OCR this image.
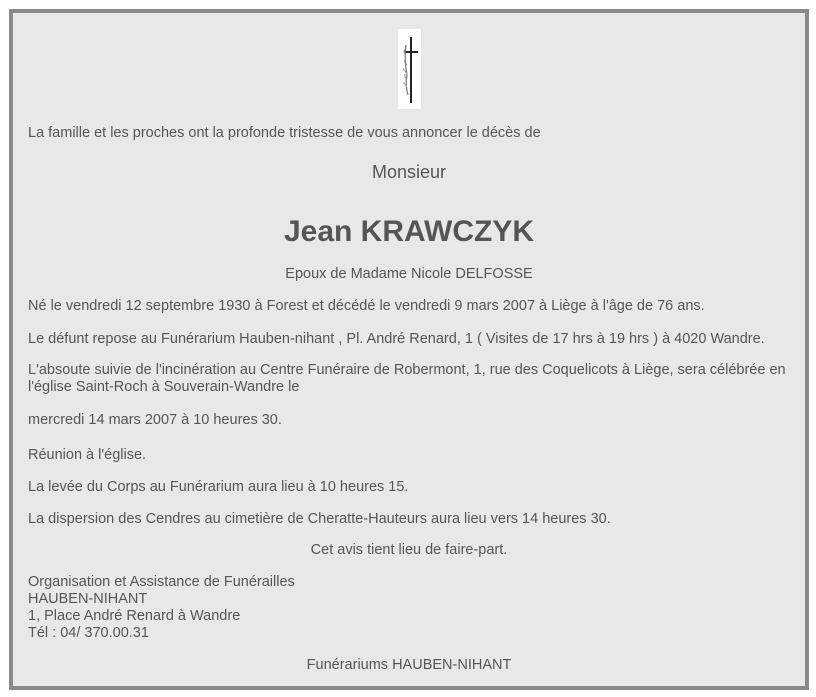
La famille et les proches ont la profonde tristesse de vous annoncer le décès de
Monsieur
Jean KRAWCZYK
Epoux de Madame Nicole DELFOSSE
Né le vendredi 12 septembre 1930 à Forest et décédé le vendredi 9 mars 2007 à Liège à l'âge de 76 ans.
Le défunt repose au Funérarium Hauben-nihant , Pl. André Renard, 1 ( Visites de 17 hrs à 19 hrs ) à 4020 Wandre.
L'absoute suivie de l'incinération au Centre Funéraire de Robermont, 1, rue des Coquelicots à Liège, sera célébrée en
l'église Saint-Roch à Souverain-Wandre le
mercredi 14 mars 2007 à 10 heures 30.
Réunion à l'église.
La levée du Corps au Funérarium aura lieu à 10 heures 15.
La dispersion des Cendres au cimetière de Cheratte-Hauteurs aura lieu vers 14 heures 30.
Cet avis tient lieu de faire-part.
Organisation et Assistance de Funérailles
HAUBEN-NIHANT
1, Place André Renard à Wandre
Tél : 04/ 370.00.31
Funérariums HAUBEN-NIHANT
